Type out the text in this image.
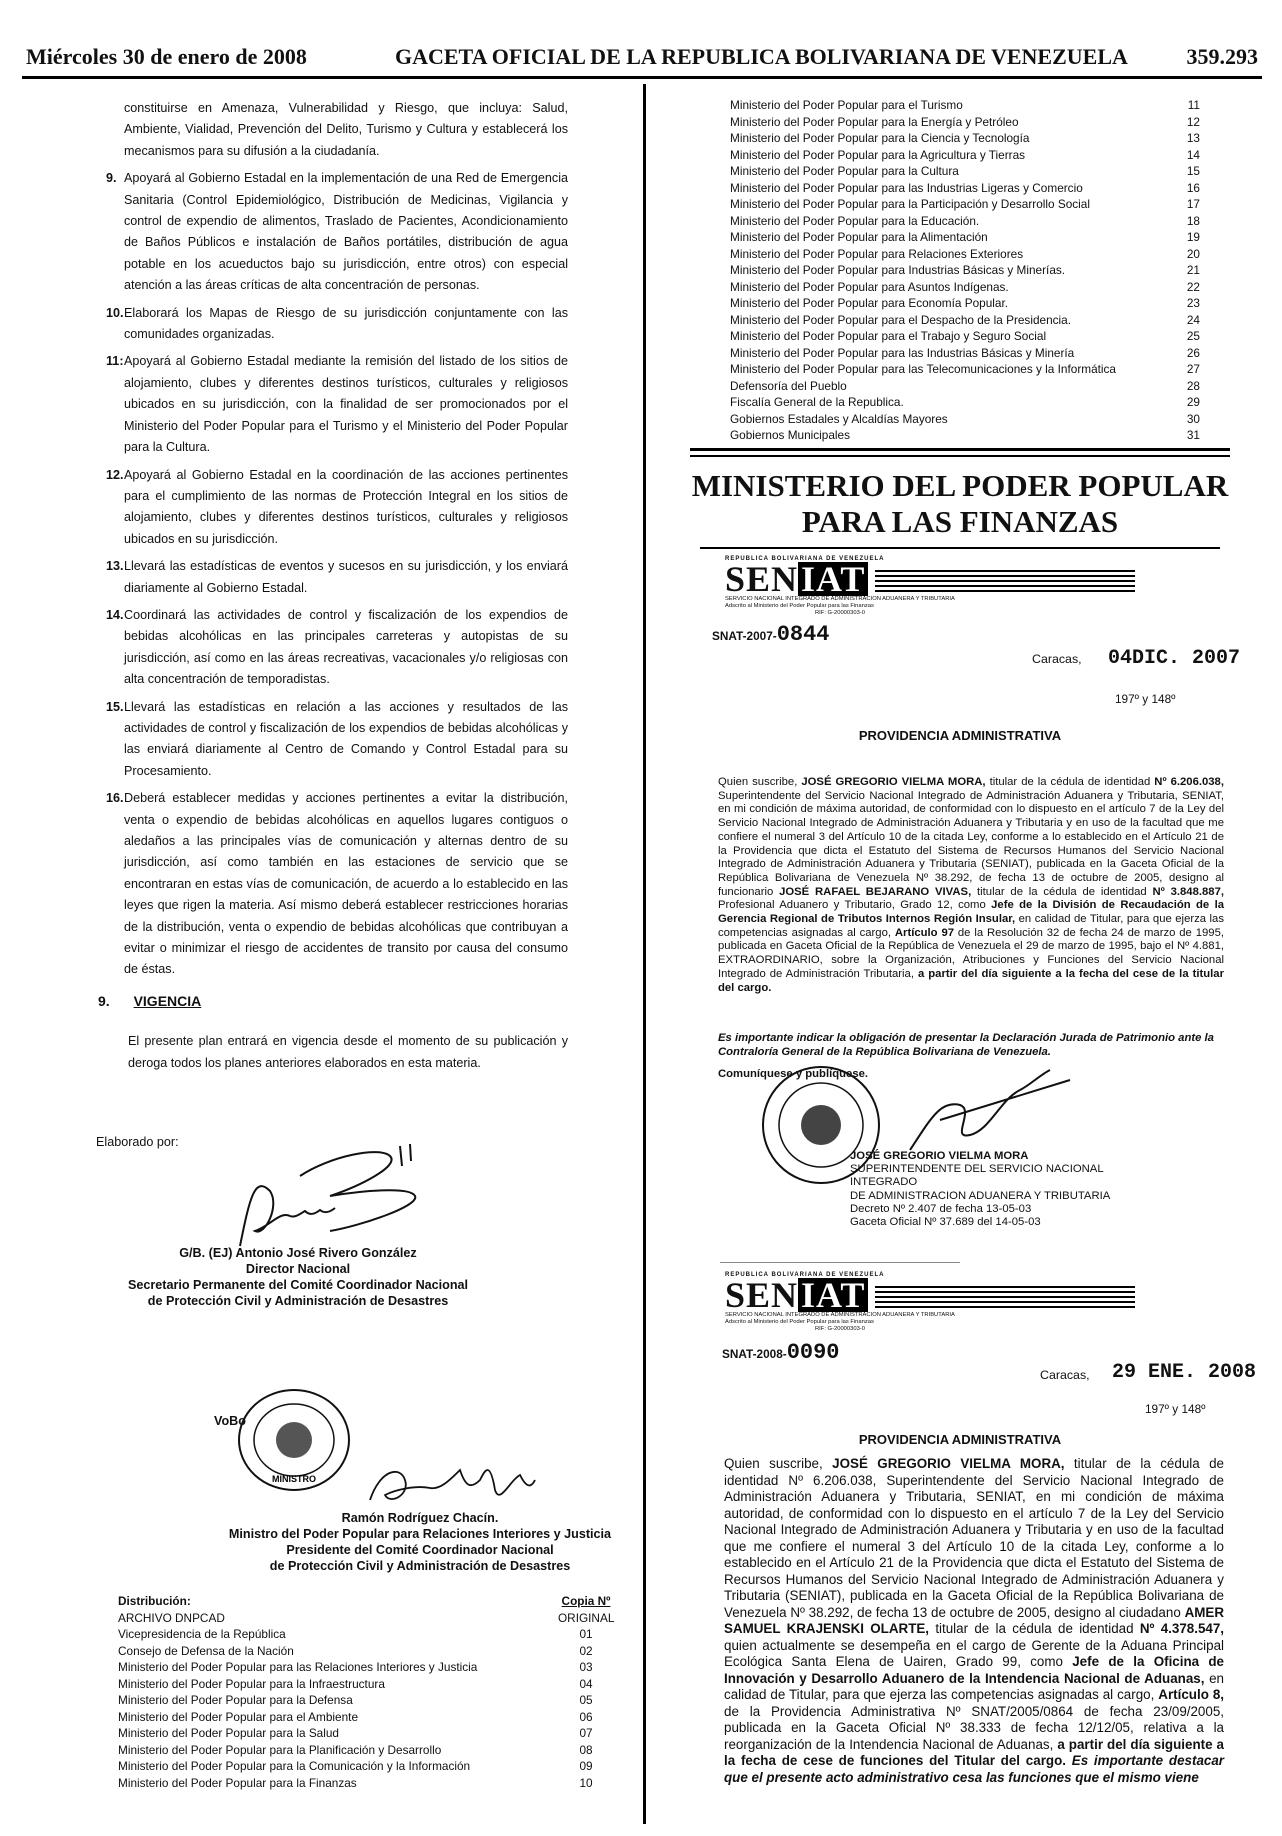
Miércoles 30 de enero de 2008	GACETA OFICIAL DE LA REPUBLICA BOLIVARIANA DE VENEZUELA	359.293

constituirse en Amenaza, Vulnerabilidad y Riesgo, que incluya: Salud, Ambiente, Vialidad, Prevención del Delito, Turismo y Cultura y establecerá los mecanismos para su difusión a la ciudadanía.

9. Apoyará al Gobierno Estadal en la implementación de una Red de Emergencia Sanitaria (Control Epidemiológico, Distribución de Medicinas, Vigilancia y control de expendio de alimentos, Traslado de Pacientes, Acondicionamiento de Baños Públicos e instalación de Baños portátiles, distribución de agua potable en los acueductos bajo su jurisdicción, entre otros) con especial atención a las áreas críticas de alta concentración de personas.
10. Elaborará los Mapas de Riesgo de su jurisdicción conjuntamente con las comunidades organizadas.
11: Apoyará al Gobierno Estadal mediante la remisión del listado de los sitios de alojamiento, clubes y diferentes destinos turísticos, culturales y religiosos ubicados en su jurisdicción, con la finalidad de ser promocionados por el Ministerio del Poder Popular para el Turismo y el Ministerio del Poder Popular para la Cultura.
12. Apoyará al Gobierno Estadal en la coordinación de las acciones pertinentes para el cumplimiento de las normas de Protección Integral en los sitios de alojamiento, clubes y diferentes destinos turísticos, culturales y religiosos ubicados en su jurisdicción.
13. Llevará las estadísticas de eventos y sucesos en su jurisdicción, y los enviará diariamente al Gobierno Estadal.
14. Coordinará las actividades de control y fiscalización de los expendios de bebidas alcohólicas en las principales carreteras y autopistas de su jurisdicción, así como en las áreas recreativas, vacacionales y/o religiosas con alta concentración de temporadistas.
15. Llevará las estadísticas en relación a las acciones y resultados de las actividades de control y fiscalización de los expendios de bebidas alcohólicas y las enviará diariamente al Centro de Comando y Control Estadal para su Procesamiento.
16. Deberá establecer medidas y acciones pertinentes a evitar la distribución, venta o expendio de bebidas alcohólicas en aquellos lugares contiguos o aledaños a las principales vías de comunicación y alternas dentro de su jurisdicción, así como también en las estaciones de servicio que se encontraran en estas vías de comunicación, de acuerdo a lo establecido en las leyes que rigen la materia. Así mismo deberá establecer restricciones horarias de la distribución, venta o expendio de bebidas alcohólicas que contribuyan a evitar o minimizar el riesgo de accidentes de transito por causa del consumo de éstas.
9. VIGENCIA
El presente plan entrará en vigencia desde el momento de su publicación y deroga todos los planes anteriores elaborados en esta materia.
Elaborado por:
G/B. (EJ) Antonio José Rivero González
Director Nacional
Secretario Permanente del Comité Coordinador Nacional
de Protección Civil y Administración de Desastres
VoBo
MINISTRO
Ramón Rodríguez Chacín.
Ministro del Poder Popular para Relaciones Interiores y Justicia
Presidente del Comité Coordinador Nacional
de Protección Civil y Administración de Desastres
Distribución:	Copia Nº
ARCHIVO DNPCAD	ORIGINAL
Vicepresidencia de la República	01
Consejo de Defensa de la Nación	02
Ministerio del Poder Popular para las Relaciones Interiores y Justicia	03
Ministerio del Poder Popular para la Infraestructura	04
Ministerio del Poder Popular para la Defensa	05
Ministerio del Poder Popular para el Ambiente	06
Ministerio del Poder Popular para la Salud	07
Ministerio del Poder Popular para la Planificación y Desarrollo	08
Ministerio del Poder Popular para la Comunicación y la Información	09
Ministerio del Poder Popular para la Finanzas	10
Ministerio del Poder Popular para el Turismo	11
Ministerio del Poder Popular para la Energía y Petróleo	12
Ministerio del Poder Popular para la Ciencia y Tecnología	13
Ministerio del Poder Popular para la Agricultura y Tierras	14
Ministerio del Poder Popular para la Cultura	15
Ministerio del Poder Popular para las Industrias Ligeras y Comercio	16
Ministerio del Poder Popular para la Participación y Desarrollo Social	17
Ministerio del Poder Popular para la Educación.	18
Ministerio del Poder Popular para la Alimentación	19
Ministerio del Poder Popular para Relaciones Exteriores	20
Ministerio del Poder Popular para Industrias Básicas y Minerías.	21
Ministerio del Poder Popular para Asuntos Indígenas.	22
Ministerio del Poder Popular para Economía Popular.	23
Ministerio del Poder Popular para el Despacho de la Presidencia.	24
Ministerio del Poder Popular para el Trabajo y Seguro Social	25
Ministerio del Poder Popular para las Industrias Básicas y Minería	26
Ministerio del Poder Popular para las Telecomunicaciones y la Informática	27
Defensoría del Pueblo	28
Fiscalía General de la Republica.	29
Gobiernos Estadales y Alcaldías Mayores	30
Gobiernos Municipales	31
MINISTERIO DEL PODER POPULAR
PARA LAS FINANZAS
REPUBLICA BOLIVARIANA DE VENEZUELA
SENIAT
SERVICIO NACIONAL INTEGRADO DE ADMINISTRACION ADUANERA Y TRIBUTARIA
Adscrito al Ministerio del Poder Popular para las Finanzas
RIF: G-20000303-0
SNAT-2007-0844
Caracas, 04DIC. 2007
197º y 148º
PROVIDENCIA ADMINISTRATIVA
Quien suscribe, JOSÉ GREGORIO VIELMA MORA, titular de la cédula de identidad Nº 6.206.038, Superintendente del Servicio Nacional Integrado de Administración Aduanera y Tributaria, SENIAT, en mi condición de máxima autoridad, de conformidad con lo dispuesto en el artículo 7 de la Ley del Servicio Nacional Integrado de Administración Aduanera y Tributaria y en uso de la facultad que me confiere el numeral 3 del Artículo 10 de la citada Ley, conforme a lo establecido en el Artículo 21 de la Providencia que dicta el Estatuto del Sistema de Recursos Humanos del Servicio Nacional Integrado de Administración Aduanera y Tributaria (SENIAT), publicada en la Gaceta Oficial de la República Bolivariana de Venezuela Nº 38.292, de fecha 13 de octubre de 2005, designo al funcionario JOSÉ RAFAEL BEJARANO VIVAS, titular de la cédula de identidad Nº 3.848.887, Profesional Aduanero y Tributario, Grado 12, como Jefe de la División de Recaudación de la Gerencia Regional de Tributos Internos Región Insular, en calidad de Titular, para que ejerza las competencias asignadas al cargo, Artículo 97 de la Resolución 32 de fecha 24 de marzo de 1995, publicada en Gaceta Oficial de la República de Venezuela el 29 de marzo de 1995, bajo el Nº 4.881, EXTRAORDINARIO, sobre la Organización, Atribuciones y Funciones del Servicio Nacional Integrado de Administración Tributaria, a partir del día siguiente a la fecha del cese de la titular del cargo.
Es importante indicar la obligación de presentar la Declaración Jurada de Patrimonio ante la Contraloría General de la República Bolivariana de Venezuela.
Comuníquese y publíquese.
JOSÉ GREGORIO VIELMA MORA
SUPERINTENDENTE DEL SERVICIO NACIONAL INTEGRADO
DE ADMINISTRACION ADUANERA Y TRIBUTARIA
Decreto Nº 2.407 de fecha 13-05-03
Gaceta Oficial Nº 37.689 del 14-05-03
REPUBLICA BOLIVARIANA DE VENEZUELA
SENIAT
SERVICIO NACIONAL INTEGRADO DE ADMINISTRACION ADUANERA Y TRIBUTARIA
Adscrito al Ministerio del Poder Popular para las Finanzas
RIF: G-20000303-0
SNAT-2008-0090
Caracas, 29 ENE. 2008
197º y 148º
PROVIDENCIA ADMINISTRATIVA
Quien suscribe, JOSÉ GREGORIO VIELMA MORA, titular de la cédula de identidad Nº 6.206.038, Superintendente del Servicio Nacional Integrado de Administración Aduanera y Tributaria, SENIAT, en mi condición de máxima autoridad, de conformidad con lo dispuesto en el artículo 7 de la Ley del Servicio Nacional Integrado de Administración Aduanera y Tributaria y en uso de la facultad que me confiere el numeral 3 del Artículo 10 de la citada Ley, conforme a lo establecido en el Artículo 21 de la Providencia que dicta el Estatuto del Sistema de Recursos Humanos del Servicio Nacional Integrado de Administración Aduanera y Tributaria (SENIAT), publicada en la Gaceta Oficial de la República Bolivariana de Venezuela Nº 38.292, de fecha 13 de octubre de 2005, designo al ciudadano AMER SAMUEL KRAJENSKI OLARTE, titular de la cédula de identidad Nº 4.378.547, quien actualmente se desempeña en el cargo de Gerente de la Aduana Principal Ecológica Santa Elena de Uairen, Grado 99, como Jefe de la Oficina de Innovación y Desarrollo Aduanero de la Intendencia Nacional de Aduanas, en calidad de Titular, para que ejerza las competencias asignadas al cargo, Artículo 8, de la Providencia Administrativa Nº SNAT/2005/0864 de fecha 23/09/2005, publicada en la Gaceta Oficial Nº 38.333 de fecha 12/12/05, relativa a la reorganización de la Intendencia Nacional de Aduanas, a partir del día siguiente a la fecha de cese de funciones del Titular del cargo. Es importante destacar que el presente acto administrativo cesa las funciones que el mismo viene
